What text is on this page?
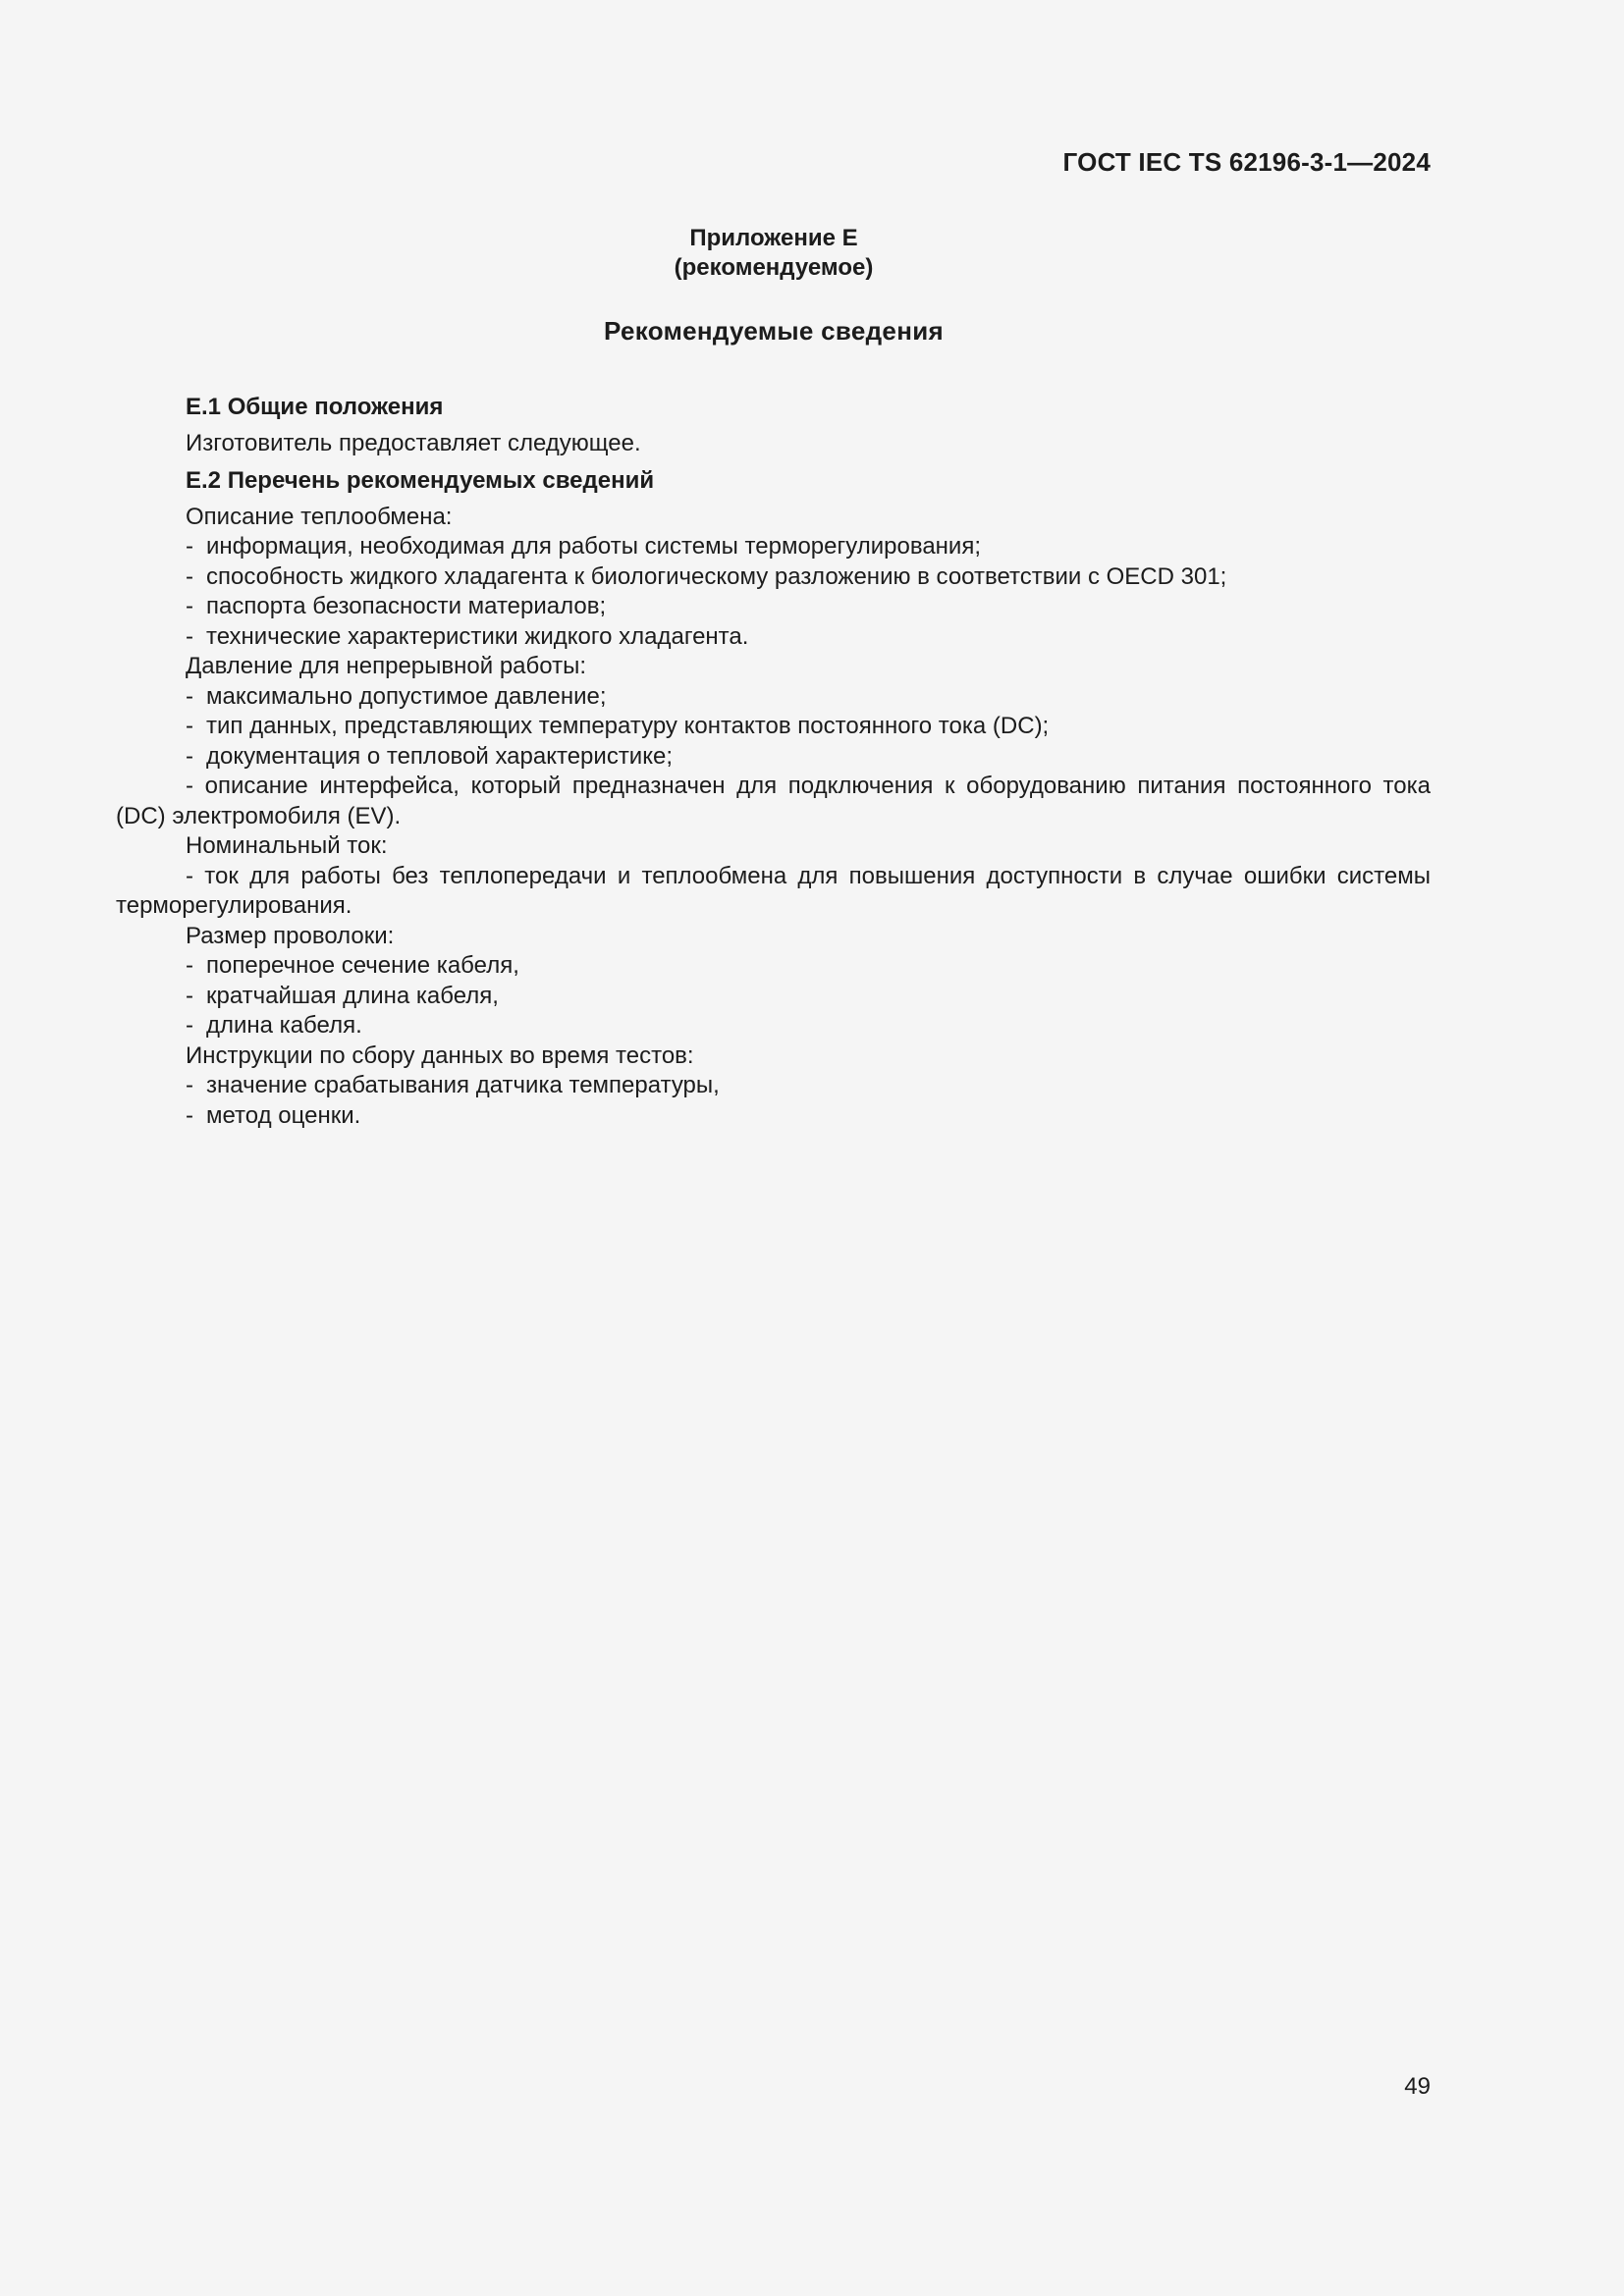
ГОСТ IEC TS 62196-3-1—2024
Приложение Е
(рекомендуемое)
Рекомендуемые сведения

Е.1 Общие положения

Изготовитель предоставляет следующее.

Е.2 Перечень рекомендуемых сведений

Описание теплообмена:

- информация, необходимая для работы системы терморегулирования;

- способность жидкого хладагента к биологическому разложению в соответствии с OECD 301;

- паспорта безопасности материалов;

- технические характеристики жидкого хладагента.

Давление для непрерывной работы:

- максимально допустимое давление;

- тип данных, представляющих температуру контактов постоянного тока (DC);

- документация о тепловой характеристике;

- описание интерфейса, который предназначен для подключения к оборудованию питания постоянного тока (DC) электромобиля (EV).

Номинальный ток:

- ток для работы без теплопередачи и теплообмена для повышения доступности в случае ошибки системы терморегулирования.

Размер проволоки:

- поперечное сечение кабеля,

- кратчайшая длина кабеля,

- длина кабеля.

Инструкции по сбору данных во время тестов:

- значение срабатывания датчика температуры,

- метод оценки.

49
